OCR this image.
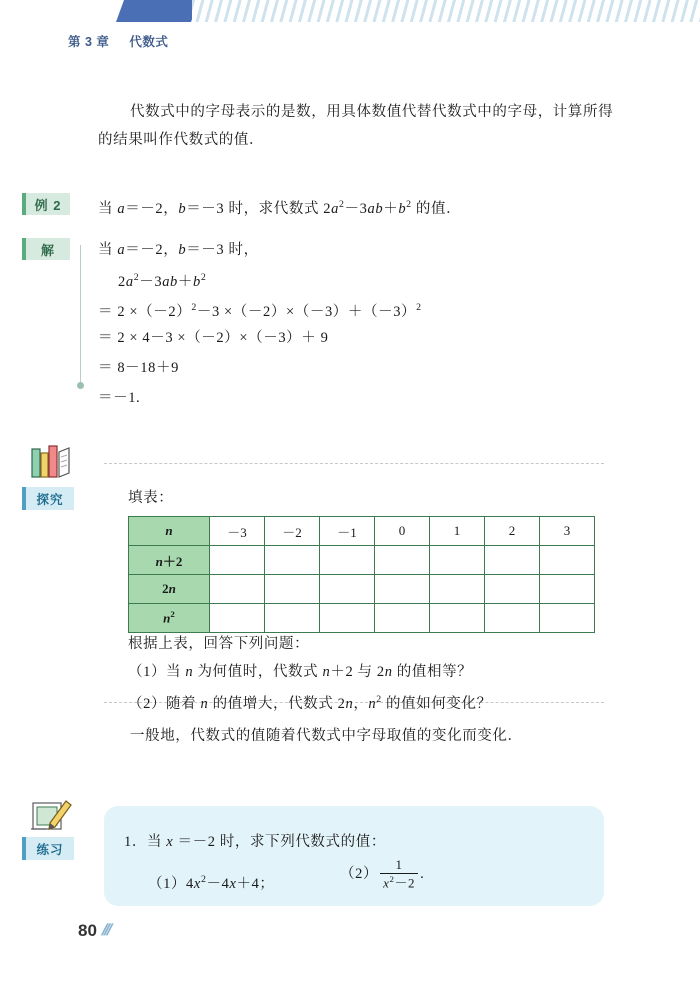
第 3 章 代数式
代数式中的字母表示的是数，用具体数值代替代数式中的字母，计算所得的结果叫作代数式的值．
例 2	当 a＝－2，b＝－3 时，求代数式 $2a^2-3ab+b^2$ 的值．
解	当 a＝－2，b＝－3 时，
$2a^2-3ab+b^2$
＝ $2 \times(-2)^2-3 \times(-2)\times(-3)+(-3)^2$
＝ 2 × 4－3 ×（－2）×（－3）＋ 9
＝ 8－18＋9
＝－1.
探究	填表：
n	－3	－2	－1	0	1	2	3
n＋2							
2n							
$n^2$							
根据上表，回答下列问题：
（1）当 n 为何值时，代数式 n＋2 与 2n 的值相等？
（2）随着 n 的值增大，代数式 2n，$n^2$ 的值如何变化？
一般地，代数式的值随着代数式中字母取值的变化而变化．
练习	1．当 x ＝－2 时，求下列代数式的值：
$(1)4x^2-4x+4$；
$(2) \frac{1}{x^2-2}$ .
80 ///
